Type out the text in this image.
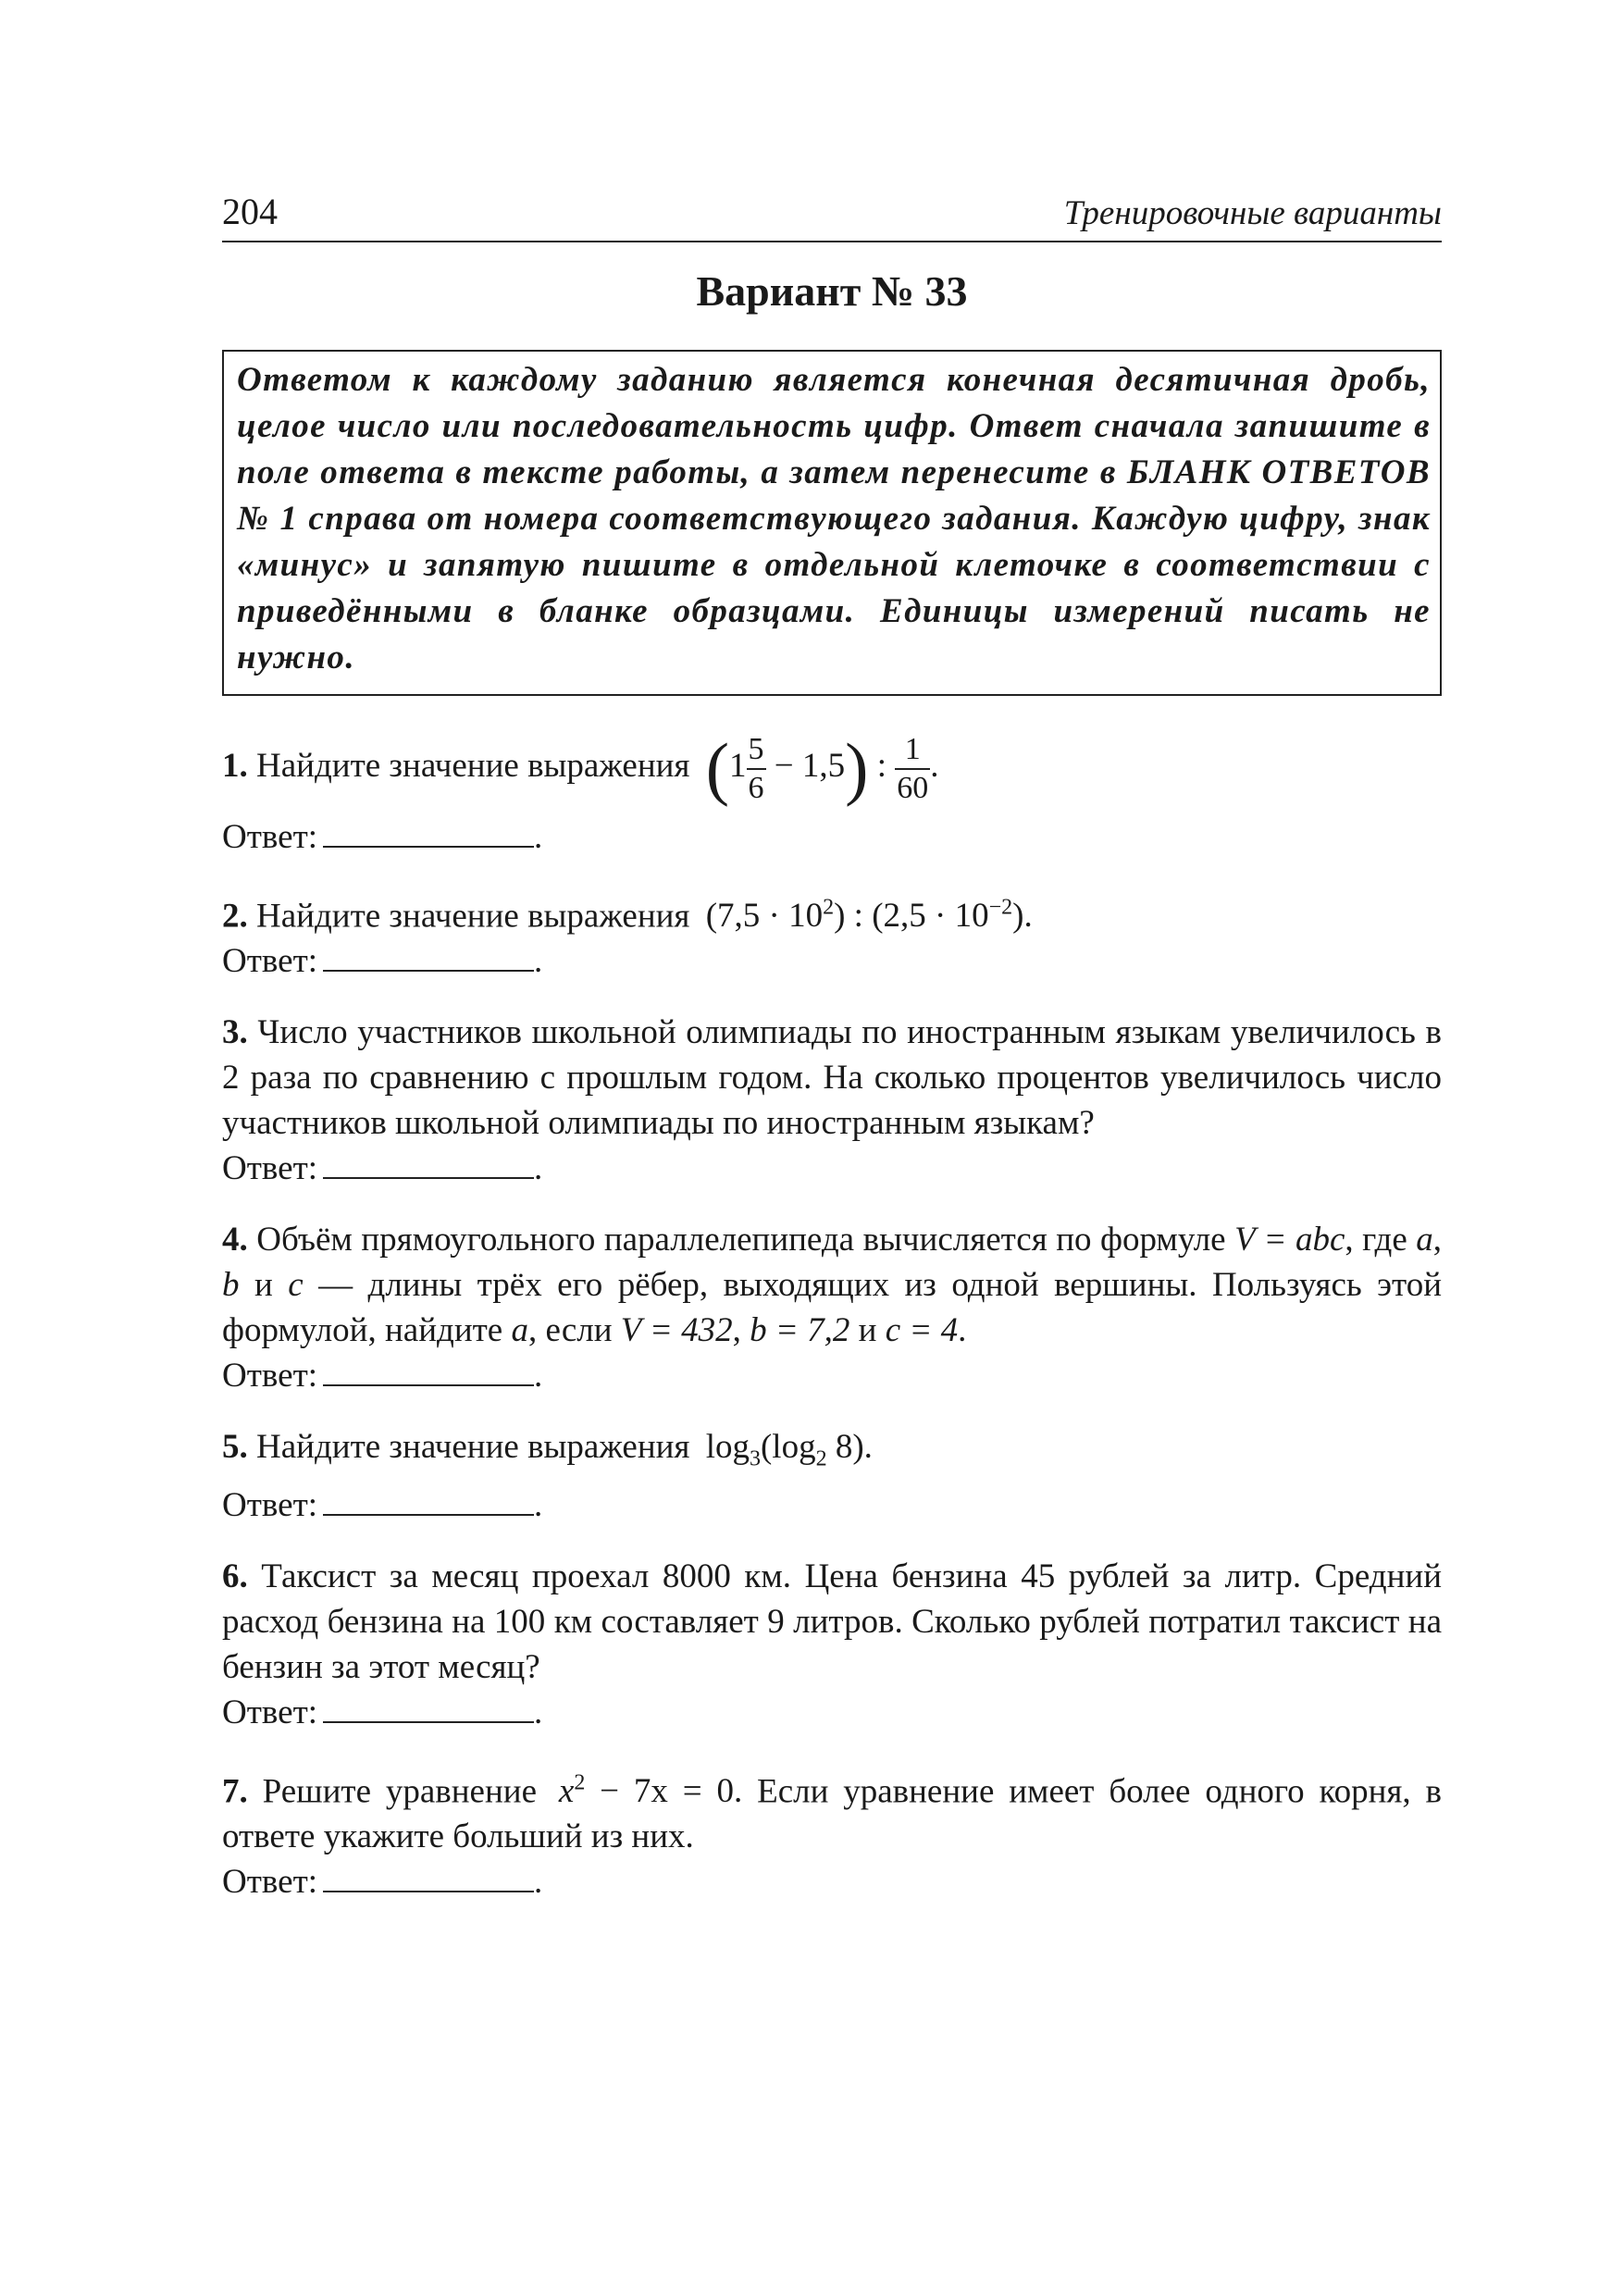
204	Тренировочные варианты
Вариант № 33
Ответом к каждому заданию является конечная десятичная дробь, целое число или последовательность цифр. Ответ сначала запишите в поле ответа в тексте работы, а затем перенесите в БЛАНК ОТВЕТОВ № 1 справа от номера соответствующего задания. Каждую цифру, знак «минус» и запятую пишите в отдельной клеточке в соответствии с приведёнными в бланке образцами. Единицы измерений писать не нужно.

1. Найдите значение выражения $(1 \frac{5}{6} - 1,5)$ : $\frac{1}{60}$ .

Ответ:	.

2. Найдите значение выражения $(7,5 \cdot 10^2)$ : $(2,5 \cdot 10^{-2})$.

Ответ:	.

3. Число участников школьной олимпиады по иностранным языкам увеличилось в 2 раза по сравнению с прошлым годом. На сколько процентов увеличилось число участников школьной олимпиады по иностранным языкам?

Ответ:	.

4. Объём прямоугольного параллелепипеда вычисляется по формуле V = abc, где a, b и c — длины трёх его рёбер, выходящих из одной вершины. Пользуясь этой формулой, найдите a, если V = 432, b = 7,2 и c = 4.

Ответ:	.

5. Найдите значение выражения $\log_3(\log_2$ 8).

Ответ:	.

6. Таксист за месяц проехал 8000 км. Цена бензина 45 рублей за литр. Средний расход бензина на 100 км составляет 9 литров. Сколько рублей потратил таксист на бензин за этот месяц?

Ответ:	.

7. Решите уравнение $x^2 - 7x = 0$. Если уравнение имеет более одного корня, в ответе укажите больший из них.

Ответ:	.
